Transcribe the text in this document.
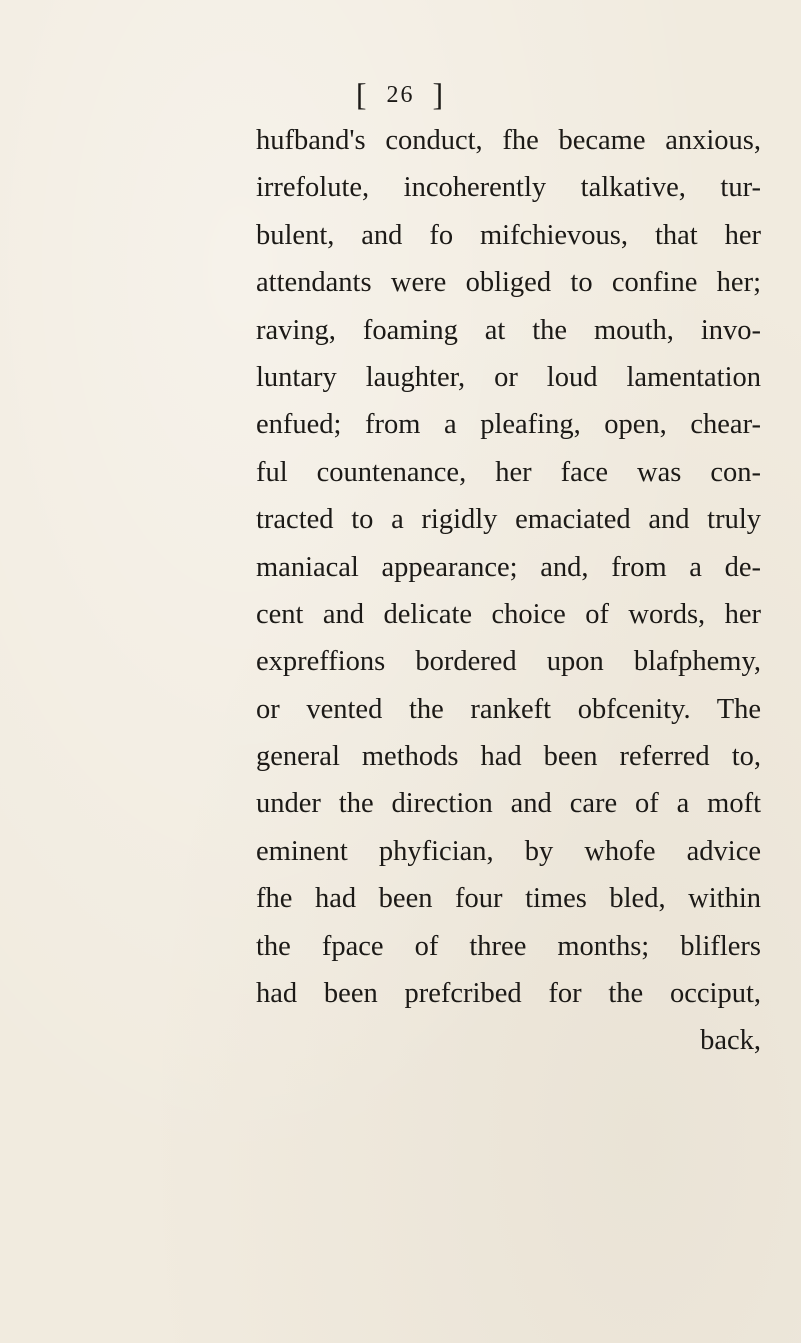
[ 26 ]
hufband's conduct, fhe became anxious,
irrefolute, incoherently talkative, tur-
bulent, and fo mifchievous, that her
attendants were obliged to confine her;
raving, foaming at the mouth, invo-
luntary laughter, or loud lamentation
enfued; from a pleafing, open, chear-
ful countenance, her face was con-
tracted to a rigidly emaciated and truly
maniacal appearance; and, from a de-
cent and delicate choice of words, her
expreffions bordered upon blafphemy,
or vented the rankeft obfcenity. The
general methods had been referred to,
under the direction and care of a moft
eminent phyfician, by whofe advice
fhe had been four times bled, within
the fpace of three months; bliflers
had been prefcribed for the occiput,
back,
